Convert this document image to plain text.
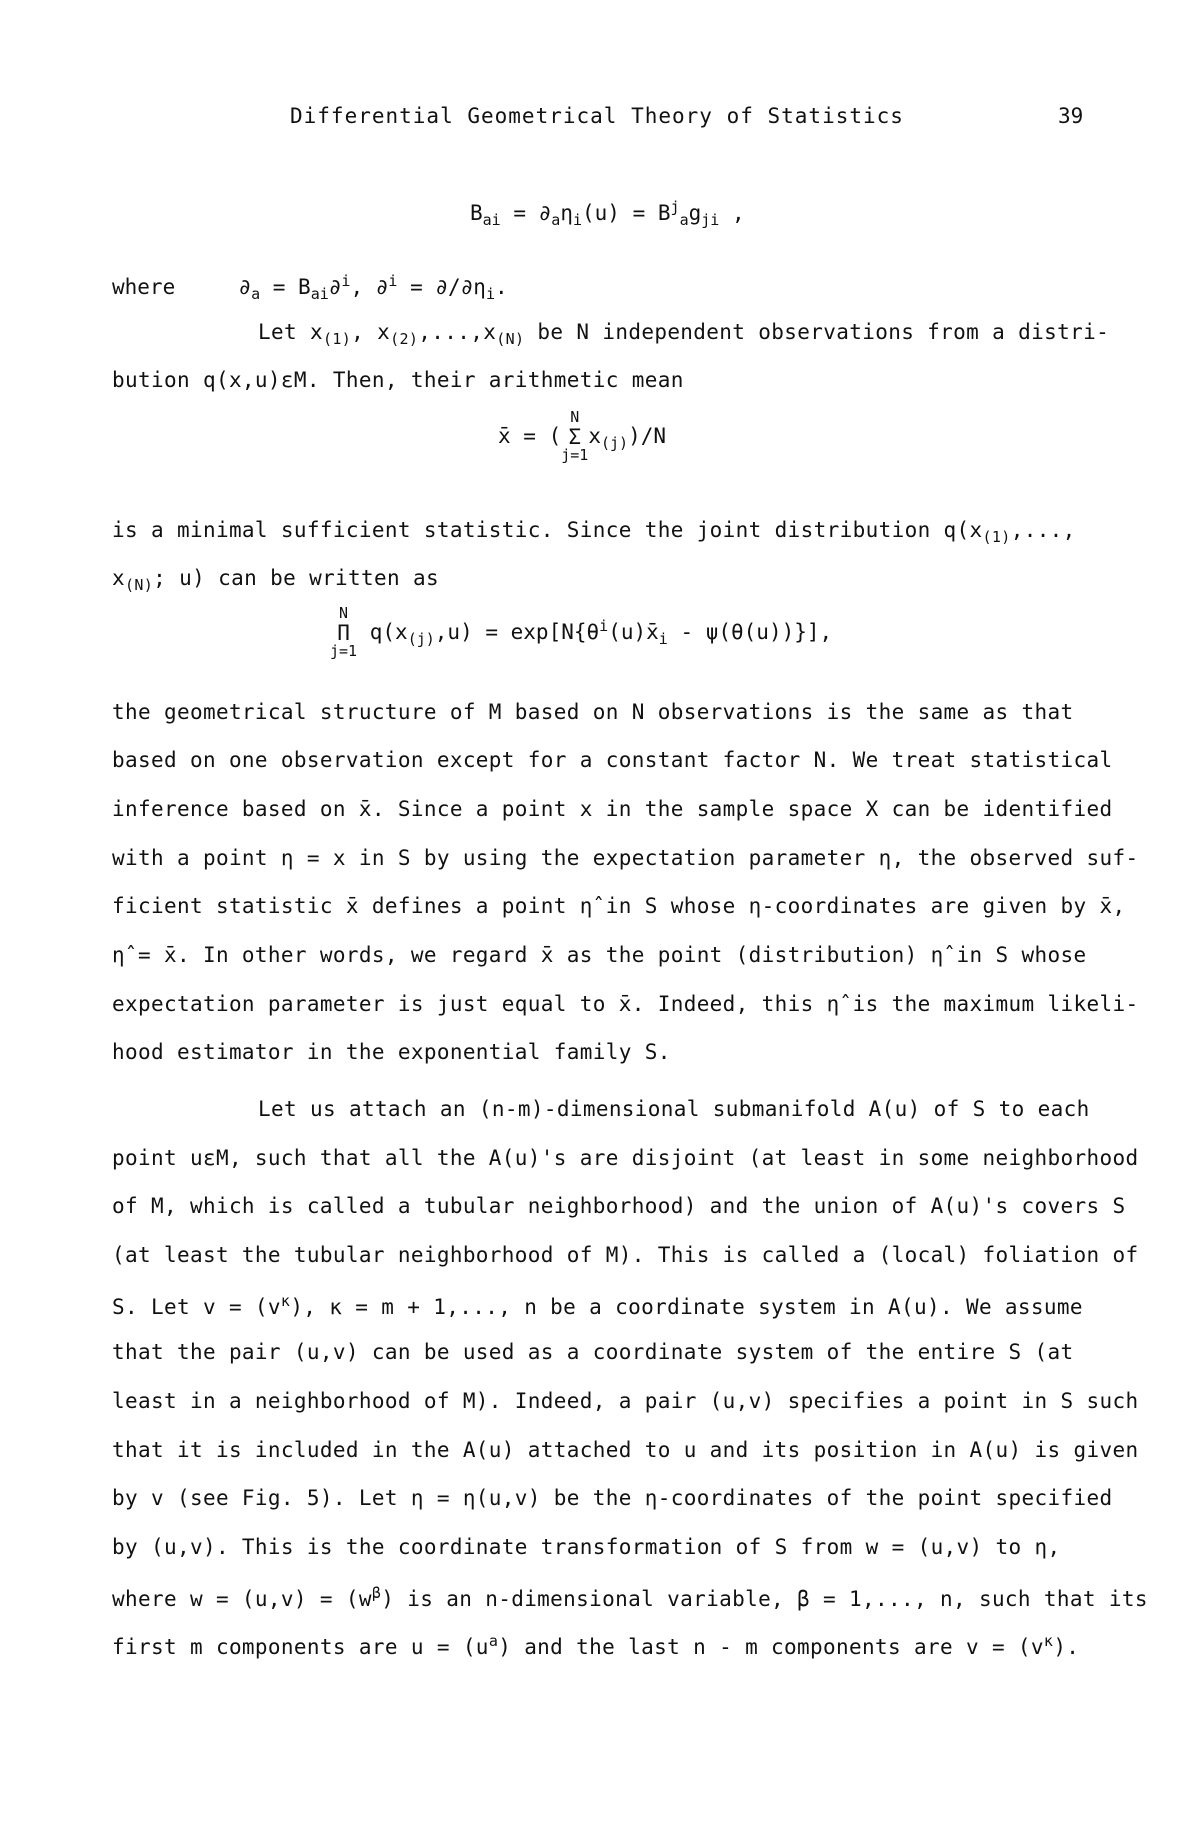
Differential Geometrical Theory of Statistics	39
$B_{ai} = \partial_a\eta_i(u) = B^j_ag_{ji}$ ,
where	$\partial_a = B_{ai}\partial^i$, $\partial^i = \partial/\partial\eta_i$.
Let $x_{(1)}$, $x_{(2)},...,x_{(N)}$ be N independent observations from a distri-
bution q(x,u)εM. Then, their arithmetic mean
x̄ = (
N
Σ
j=1
$x_{(j)})/N$
is a minimal sufficient statistic. Since the joint distribution $q(x_{(1)}$,...,
$x_{(N)}$; u) can be written as
N
Π
j=1
$q(x_{(j)},u)$ = $\exp[N\{\theta^i(u)x̄_i - \psi(\theta(u))\}]$,
the geometrical structure of M based on N observations is the same as that
based on one observation except for a constant factor N. We treat statistical
inference based on x̄. Since a point x in the sample space X can be identified
with a point η = x in S by using the expectation parameter η, the observed suf-
ficient statistic x̄ defines a point η̂ in S whose η-coordinates are given by x̄,
η̂ = x̄. In other words, we regard x̄ as the point (distribution) η̂ in S whose
expectation parameter is just equal to x̄. Indeed, this η̂ is the maximum likeli-
hood estimator in the exponential family S.
Let us attach an (n-m)-dimensional submanifold A(u) of S to each
point uεM, such that all the A(u)'s are disjoint (at least in some neighborhood
of M, which is called a tubular neighborhood) and the union of A(u)'s covers S
(at least the tubular neighborhood of M). This is called a (local) foliation of
S. Let $v = (v^\kappa)$, κ = m + 1,..., n be a coordinate system in A(u). We assume
that the pair (u,v) can be used as a coordinate system of the entire S (at
least in a neighborhood of M). Indeed, a pair (u,v) specifies a point in S such
that it is included in the A(u) attached to u and its position in A(u) is given
by v (see Fig. 5). Let η = η(u,v) be the η-coordinates of the point specified
by (u,v). This is the coordinate transformation of S from w = (u,v) to η,
where $w = (u,v) = (w^\beta)$ is an n-dimensional variable, β = 1,..., n, such that its
first m components are $u = (u^a)$ and the last n - m components are $v = (v^\kappa)$.
